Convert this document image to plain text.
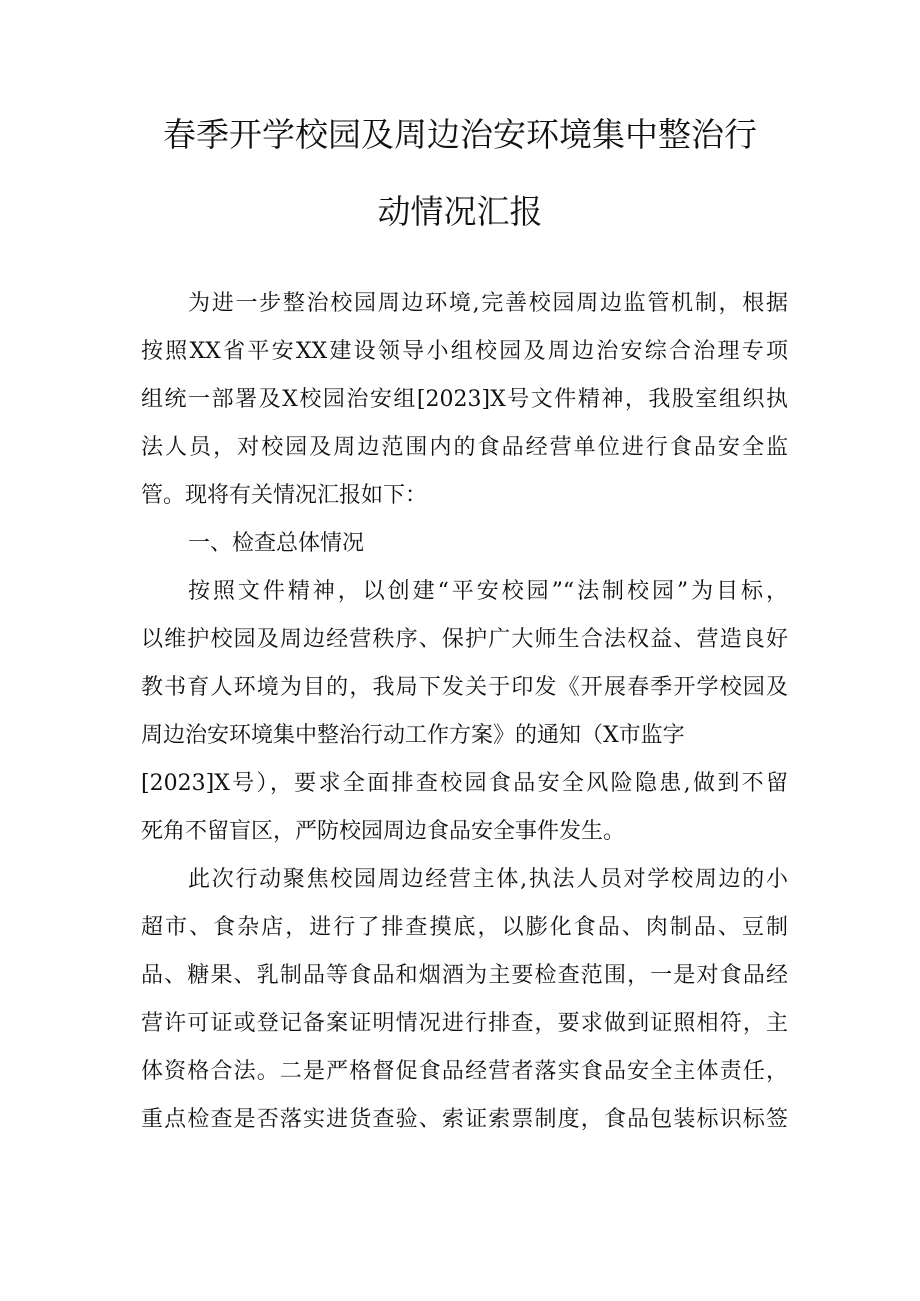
春季开学校园及周边治安环境集中整治行
动情况汇报
为进一步整治校园周边环境,完善校园周边监管机制，根据
按照XX省平安XX建设领导小组校园及周边治安综合治理专项
组统一部署及X校园治安组[2023]X号文件精神，我股室组织执
法人员，对校园及周边范围内的食品经营单位进行食品安全监
管。现将有关情况汇报如下：
一、检查总体情况
按照文件精神，以创建“平安校园”“法制校园”为目标，
以维护校园及周边经营秩序、保护广大师生合法权益、营造良好
教书育人环境为目的，我局下发关于印发《开展春季开学校园及
周边治安环境集中整治行动工作方案》的通知（X市监字
[2023]X号），要求全面排查校园食品安全风险隐患,做到不留
死角不留盲区，严防校园周边食品安全事件发生。
此次行动聚焦校园周边经营主体,执法人员对学校周边的小
超市、食杂店，进行了排查摸底，以膨化食品、肉制品、豆制
品、糖果、乳制品等食品和烟酒为主要检查范围，一是对食品经
营许可证或登记备案证明情况进行排查，要求做到证照相符，主
体资格合法。二是严格督促食品经营者落实食品安全主体责任，
重点检查是否落实进货查验、索证索票制度，食品包装标识标签
